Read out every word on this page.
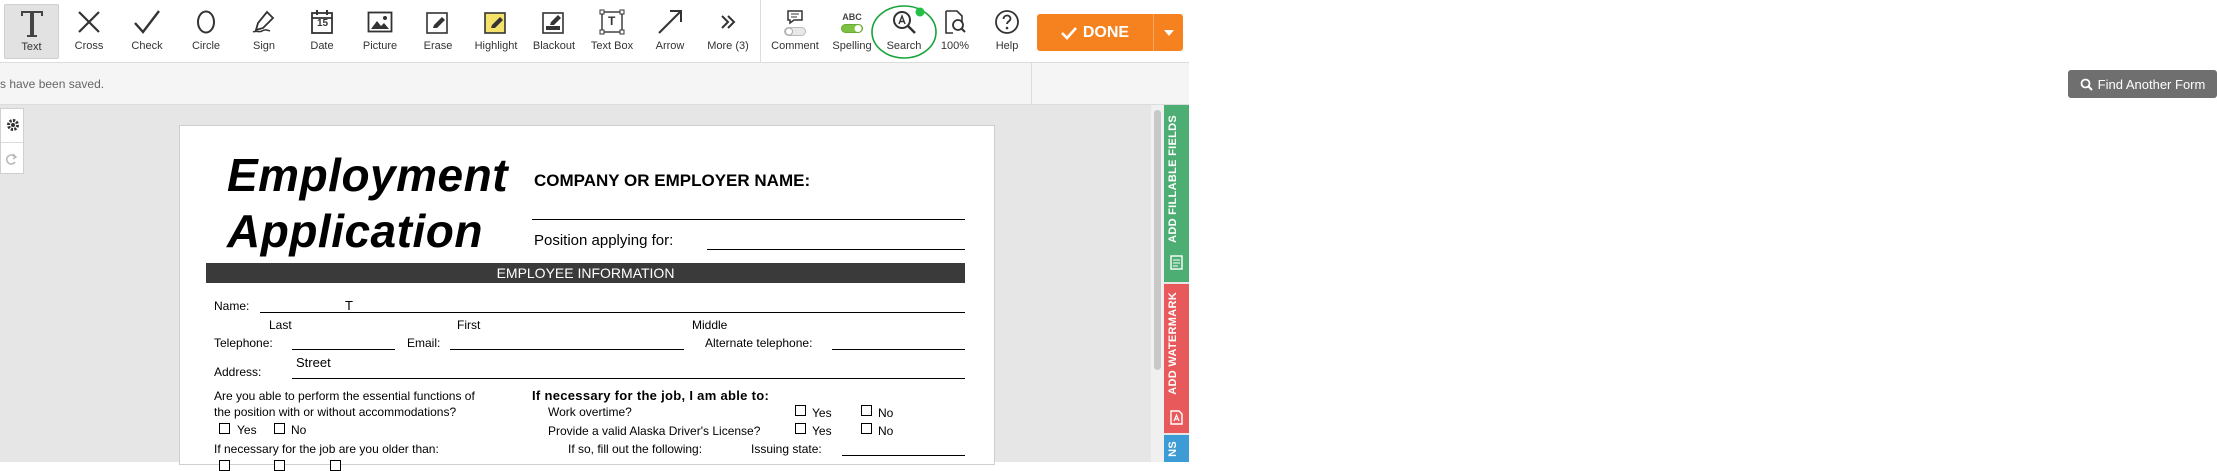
Text	Cross	Check	Circle	Sign
15
Date	Picture Erase Highlight Blackout
T
Text Box Arrow More (3) Comment
ABC
Spelling Search 100% Help
DONE
s have been saved.	Find Another Form
Employment
Application
COMPANY OR EMPLOYER NAME:
Position applying for:
EMPLOYEE INFORMATION
Name:	T
Last	First	Middle
Telephone:	Email:	Alternate telephone:
Street
Address:
Are you able to perform the essential functions of
the position with or without accommodations?
Yes	No
If necessary for the job are you older than:
If necessary for the job, I am able to:
Work overtime?	Yes	No
Provide a valid Alaska Driver's License?	Yes	No
If so, fill out the following:	Issuing state:
ADD FILLABLE FIELDS
ADD WATERMARK
NS
